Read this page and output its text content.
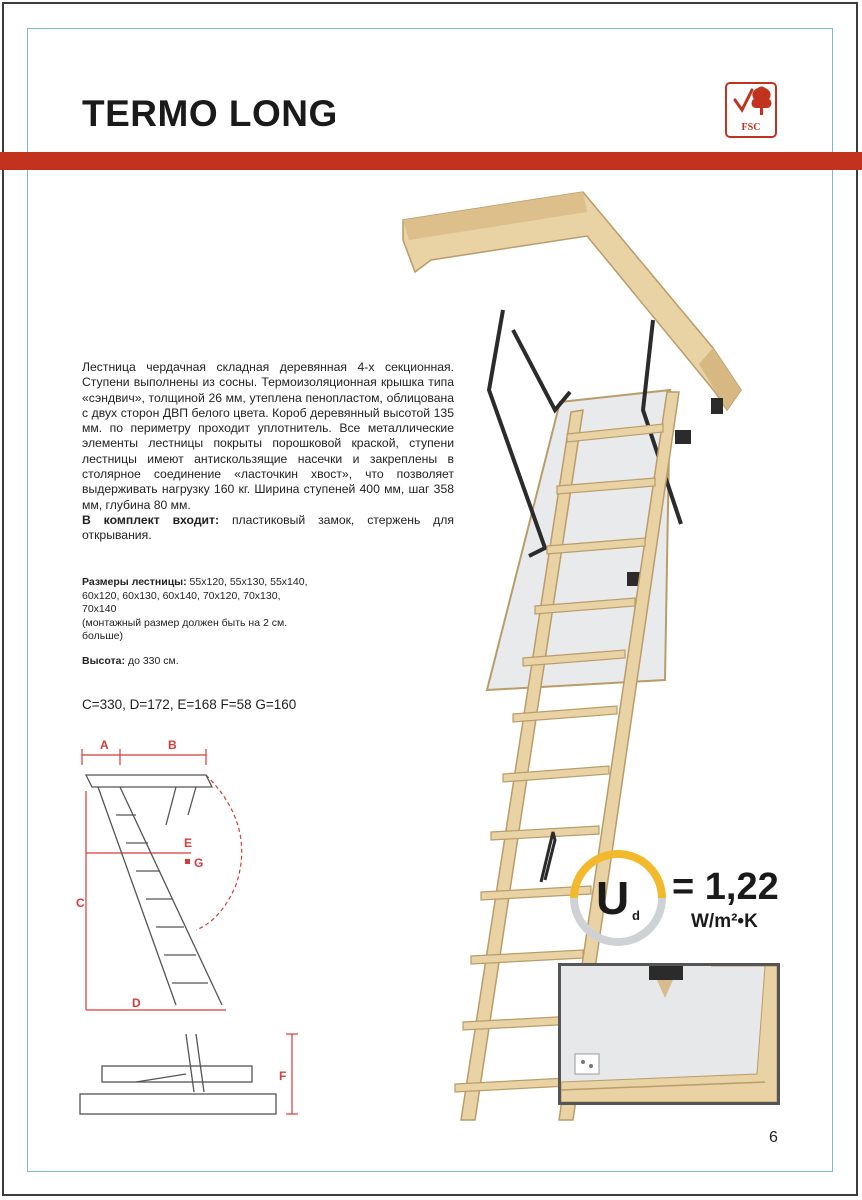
TERMO LONG	FSC

Лестница чердачная складная деревянная 4-х секционная. Ступени выполнены из сосны. Термоизоляционная крышка типа «сэндвич», толщиной 26 мм, утеплена пенопластом, облицована с двух сторон ДВП белого цвета. Короб деревянный высотой 135 мм. по периметру проходит уплотнитель. Все металлические элементы лестницы покрыты порошковой краской, ступени лестницы имеют антискользящие насечки и закреплены в столярное соединение «ласточкин хвост», что позволяет выдерживать нагрузку 160 кг. Ширина ступеней 400 мм, шаг 358 мм, глубина 80 мм.
В комплект входит: пластиковый замок, стержень для открывания.

Размеры лестницы: 55x120, 55x130, 55x140, 60x120, 60x130, 60x140, 70x120, 70x130, 70x140
(монтажный размер должен быть на 2 см. больше)

Высота: до 330 см.

C=330, D=172, E=168 F=58 G=160

A	B
C
D
E
G
F
U d
= 1,22
W/m²•K
6
